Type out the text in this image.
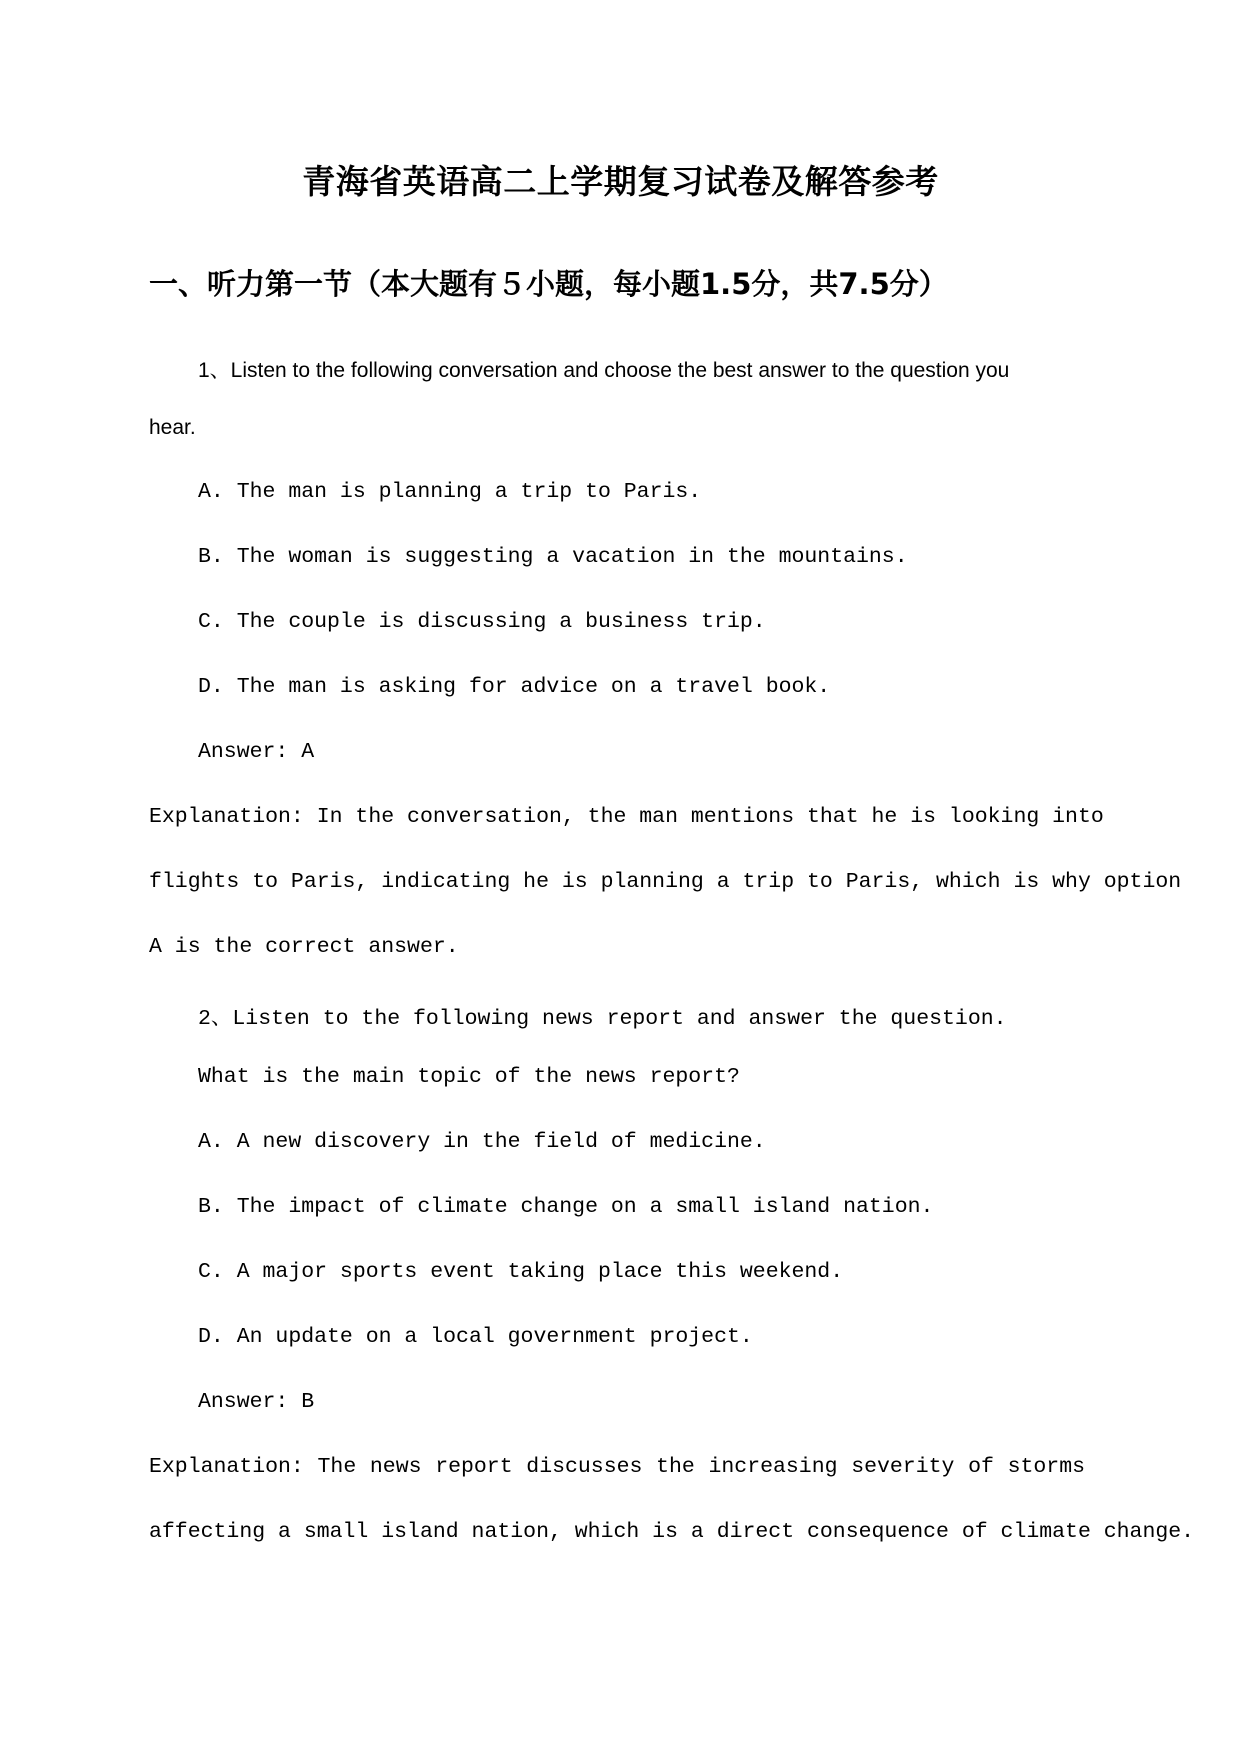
青海省英语高二上学期复习试卷及解答参考
一、听力第一节（本大题有５小题，每小题1.5分，共7.5分）
1、Listen to the following conversation and choose the best answer to the question you
hear.
A. The man is planning a trip to Paris.
B. The woman is suggesting a vacation in the mountains.
C. The couple is discussing a business trip.
D. The man is asking for advice on a travel book.
Answer: A
Explanation: In the conversation, the man mentions that he is looking into
flights to Paris, indicating he is planning a trip to Paris, which is why option
A is the correct answer.
2、Listen to the following news report and answer the question.
What is the main topic of the news report?
A. A new discovery in the field of medicine.
B. The impact of climate change on a small island nation.
C. A major sports event taking place this weekend.
D. An update on a local government project.
Answer: B
Explanation: The news report discusses the increasing severity of storms
affecting a small island nation, which is a direct consequence of climate change.
